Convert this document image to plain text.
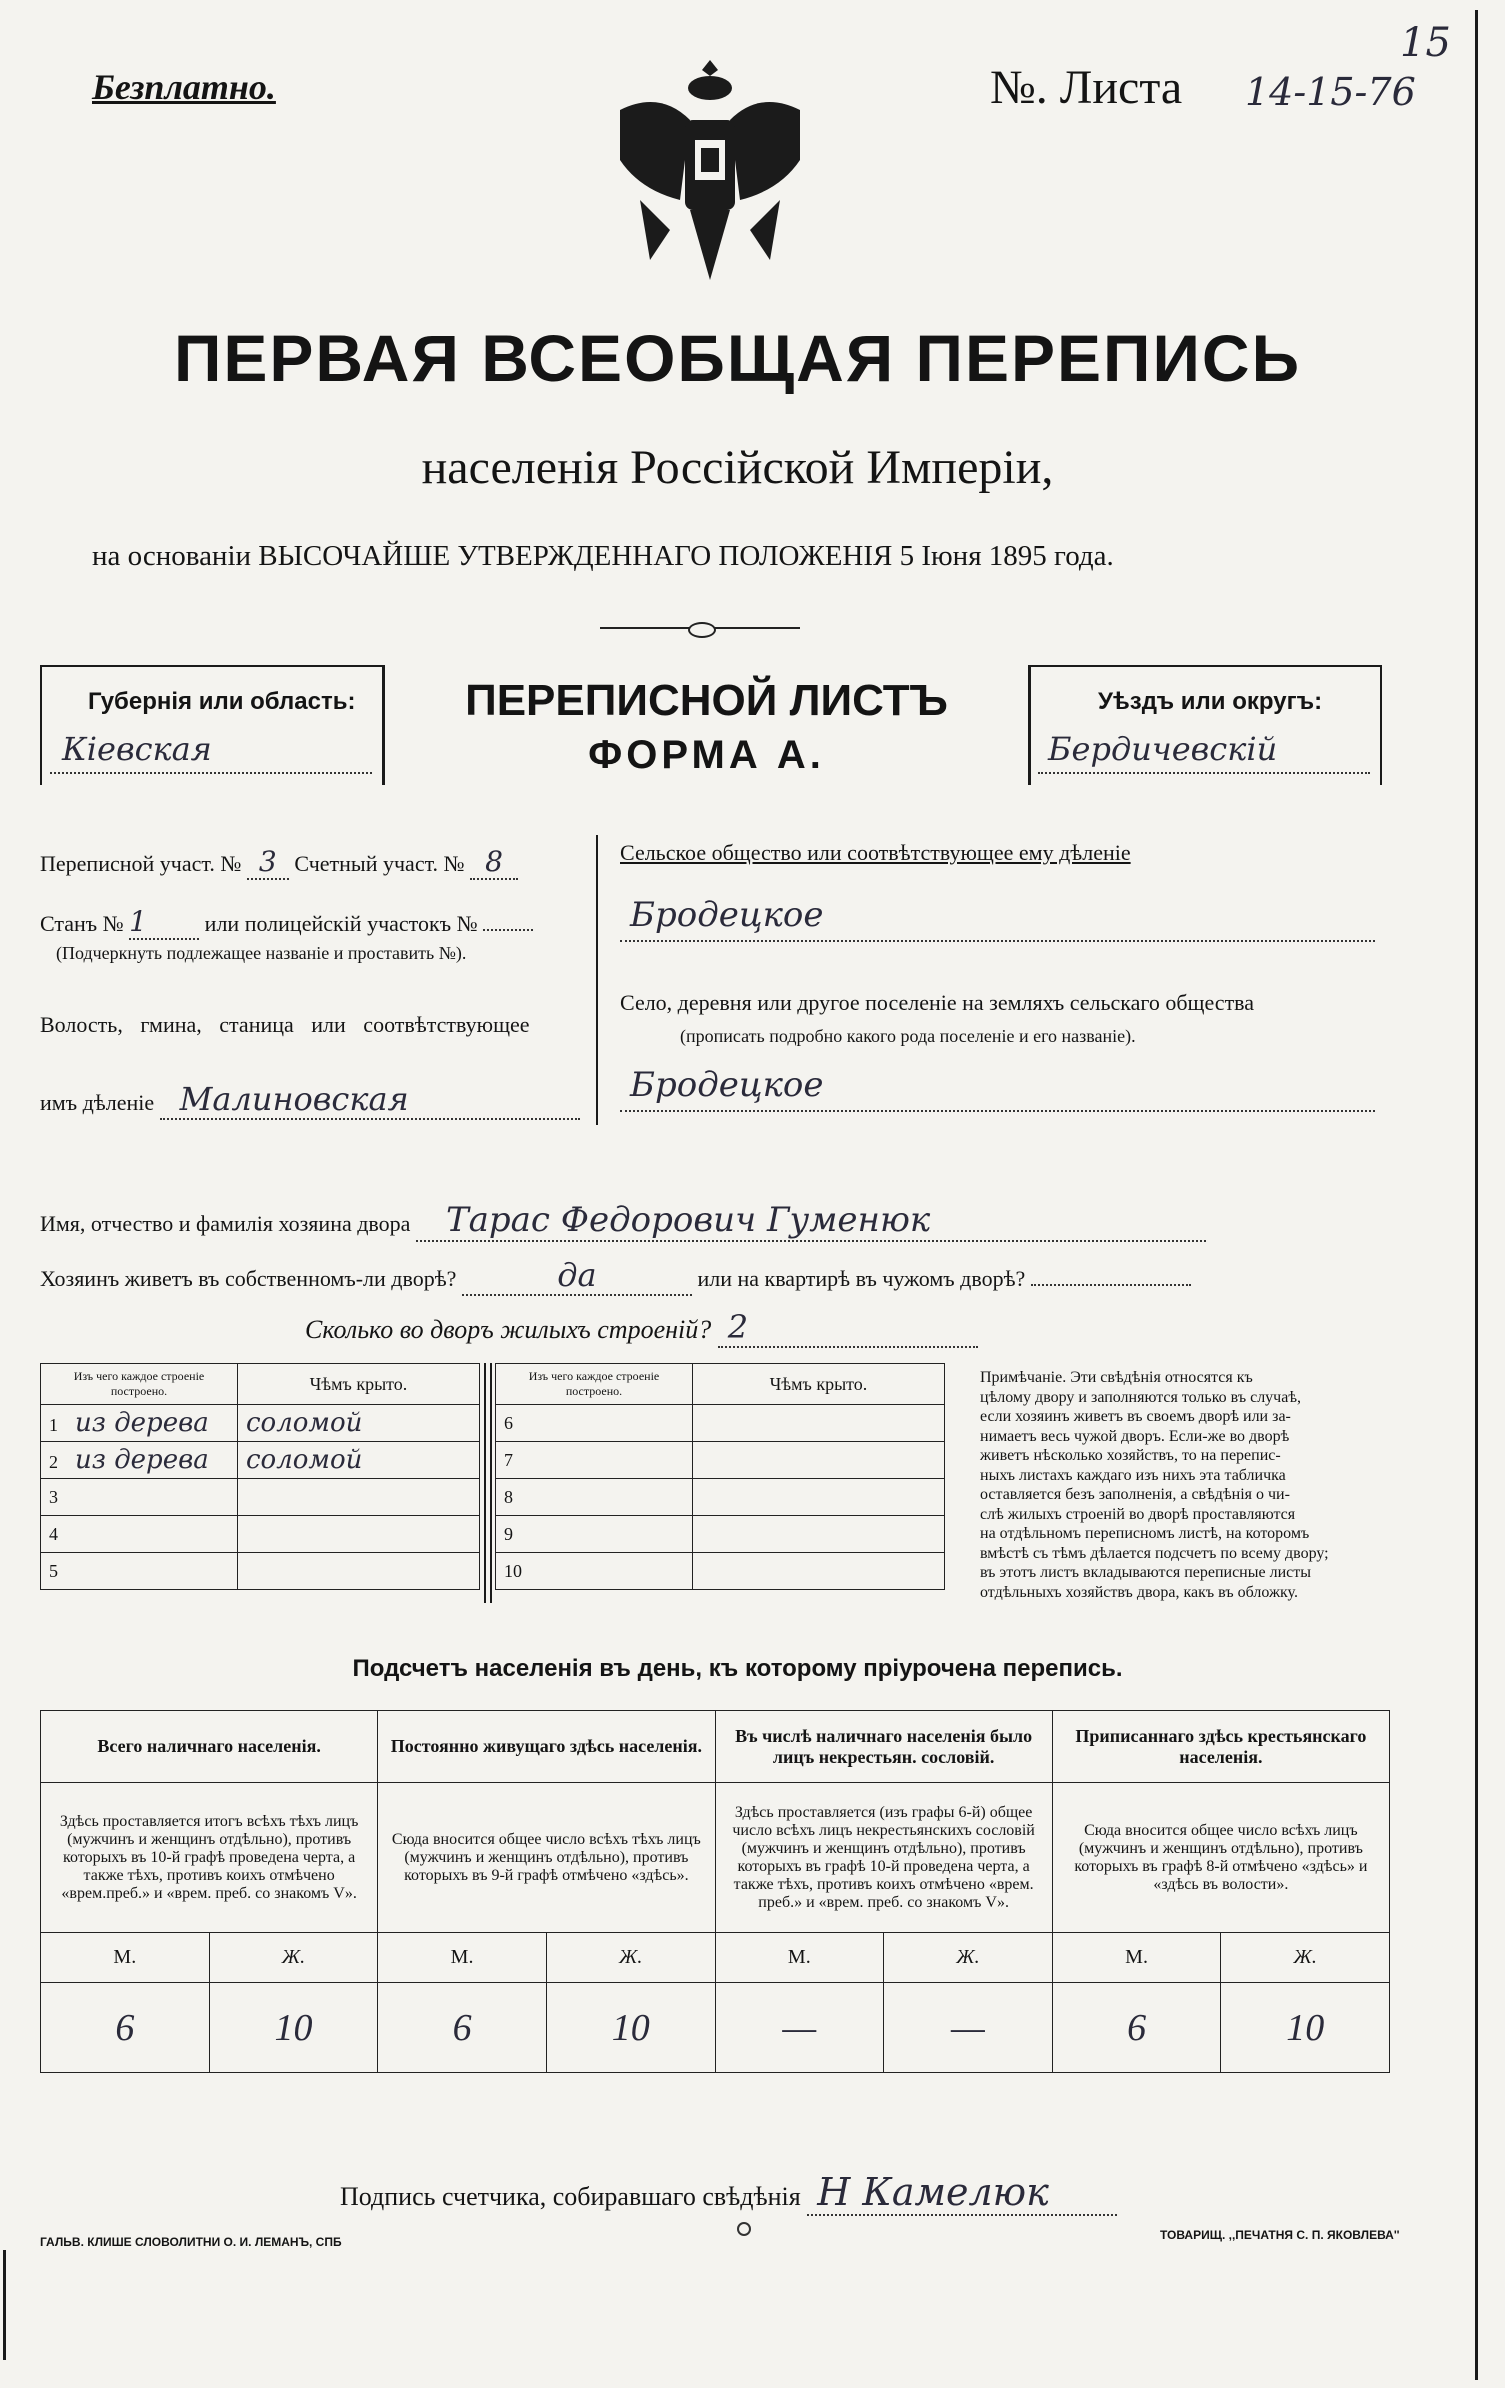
Безплатно.	№. Листа 14-15-76
15
ПЕРВАЯ ВСЕОБЩАЯ ПЕРЕПИСЬ
населенія Россійской Имперіи,
на основаніи ВЫСОЧАЙШЕ УТВЕРЖДЕННАГО ПОЛОЖЕНІЯ 5 Іюня 1895 года.
Губернія или область:
Кіевская
ПЕРЕПИСНОЙ ЛИСТЪ
ФОРМА А.
Уѣздъ или округъ:
Бердичевскій
Переписной участ. № 3 Счетный участ. № 8
Станъ № 1	или полицейскій участокъ №
(Подчеркнуть подлежащее названіе и проставить №).
Волость, гмина, станица или соотвѣтствующее
имъ дѣленіе Малиновская
Сельское общество или соотвѣтствующее ему дѣленіе
Бродецкое
Село, деревня или другое поселеніе на земляхъ сельскаго общества
(прописать подробно какого рода поселеніе и его названіе).
Бродецкое
Имя, отчество и фамилія хозяина двора Тарас Федорович Гуменюк
Хозяинъ живетъ въ собственномъ-ли дворѣ?	да	или на квартирѣ въ чужомъ дворѣ?
Сколько во дворъ жилыхъ строеній? 2
Изъ чего каждое строеніе построено.	Чѣмъ крыто.
1 из дерева	соломой
2 из дерева	соломой
3	
4	
5	
Изъ чего каждое строеніе построено.	Чѣмъ крыто.
6	
7	
8	
9	
10	
Примѣчаніе. Эти свѣдѣнія относятся къ
цѣлому двору и заполняются только въ случаѣ,
если хозяинъ живетъ въ своемъ дворѣ или за-
нимаетъ весь чужой дворъ. Если-же во дворѣ
живетъ нѣсколько хозяйствъ, то на перепис-
ныхъ листахъ каждаго изъ нихъ эта табличка
оставляется безъ заполненія, а свѣдѣнія о чи-
слѣ жилыхъ строеній во дворѣ проставляются
на отдѣльномъ переписномъ листѣ, на которомъ
вмѣстѣ съ тѣмъ дѣлается подсчетъ по всему двору;
въ этотъ листъ вкладываются переписные листы
отдѣльныхъ хозяйствъ двора, какъ въ обложку.
Подсчетъ населенія въ день, къ которому пріурочена перепись.
Всего наличнаго населенія.		Постоянно живущаго здѣсь населенія.		Въ числѣ наличнаго населенія было лицъ некрестьян. сословій.		Приписаннаго здѣсь крестьянскаго населенія.	
Здѣсь проставляется итогъ всѣхъ тѣхъ лицъ (мужчинъ и женщинъ отдѣльно), противъ которыхъ въ 10-й графѣ проведена черта, а также тѣхъ, противъ коихъ отмѣчено «врем.преб.» и «врем. преб. со знакомъ V».		Сюда вносится общее число всѣхъ тѣхъ лицъ (мужчинъ и женщинъ отдѣльно), противъ которыхъ въ 9-й графѣ отмѣчено «здѣсь».		Здѣсь проставляется (изъ графы 6-й) общее число всѣхъ лицъ некрестьянскихъ сословій (мужчинъ и женщинъ отдѣльно), противъ которыхъ въ графѣ 10-й проведена черта, а также тѣхъ, противъ коихъ отмѣчено «врем. преб.» и «врем. преб. со знакомъ V».		Сюда вносится общее число всѣхъ лицъ (мужчинъ и женщинъ отдѣльно), противъ которыхъ въ графѣ 8-й отмѣчено «здѣсь» и «здѣсь въ волости».	
М.	Ж.	М.	Ж.	М.	Ж.	М.	Ж.
6	10	6	10	—	—	6	10
Подпись счетчика, собиравшаго свѣдѣнія Н Камелюк
ГАЛЬВ. КЛИШЕ СЛОВОЛИТНИ О. И. ЛЕМАНЪ, СПБ	ТОВАРИЩ. ,,ПЕЧАТНЯ С. П. ЯКОВЛЕВА''
